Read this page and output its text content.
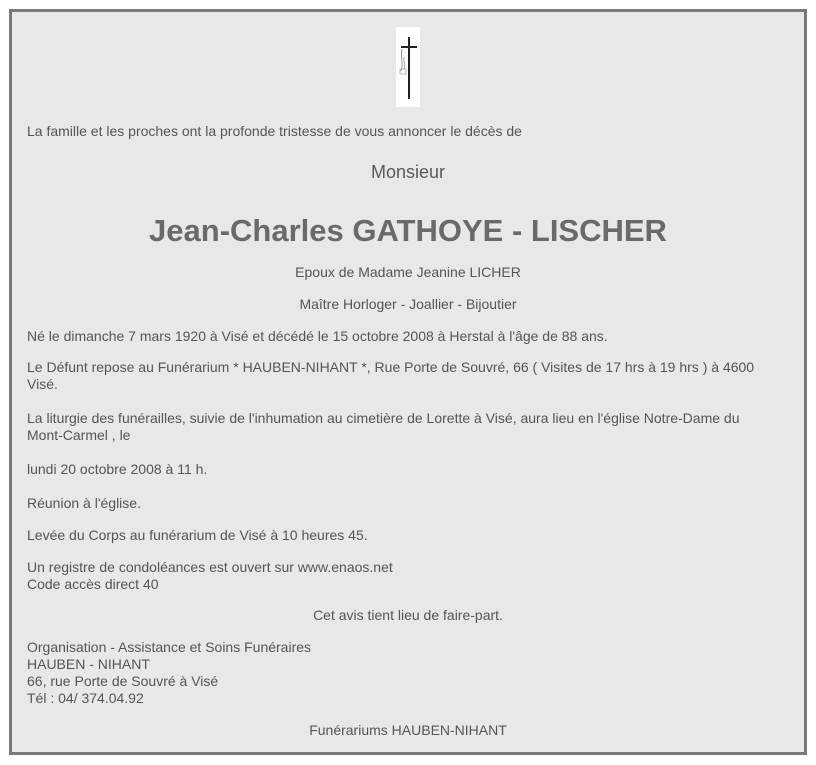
La famille et les proches ont la profonde tristesse de vous annoncer le décès de
Monsieur
Jean-Charles GATHOYE - LISCHER
Epoux de Madame Jeanine LICHER
Maître Horloger - Joallier - Bijoutier
Né le dimanche 7 mars 1920 à Visé et décédé le 15 octobre 2008 à Herstal à l'âge de 88 ans.
Le Défunt repose au Funérarium * HAUBEN-NIHANT *, Rue Porte de Souvré, 66 ( Visites de 17 hrs à 19 hrs ) à 4600
Visé.
La liturgie des funérailles, suivie de l'inhumation au cimetière de Lorette à Visé, aura lieu en l'église Notre-Dame du
Mont-Carmel , le
lundi 20 octobre 2008 à 11 h.
Réunion à l'église.
Levée du Corps au funérarium de Visé à 10 heures 45.
Un registre de condoléances est ouvert sur www.enaos.net
Code accès direct 40
Cet avis tient lieu de faire-part.
Organisation - Assistance et Soins Funéraires
HAUBEN - NIHANT
66, rue Porte de Souvré à Visé
Tél : 04/ 374.04.92
Funérariums HAUBEN-NIHANT
